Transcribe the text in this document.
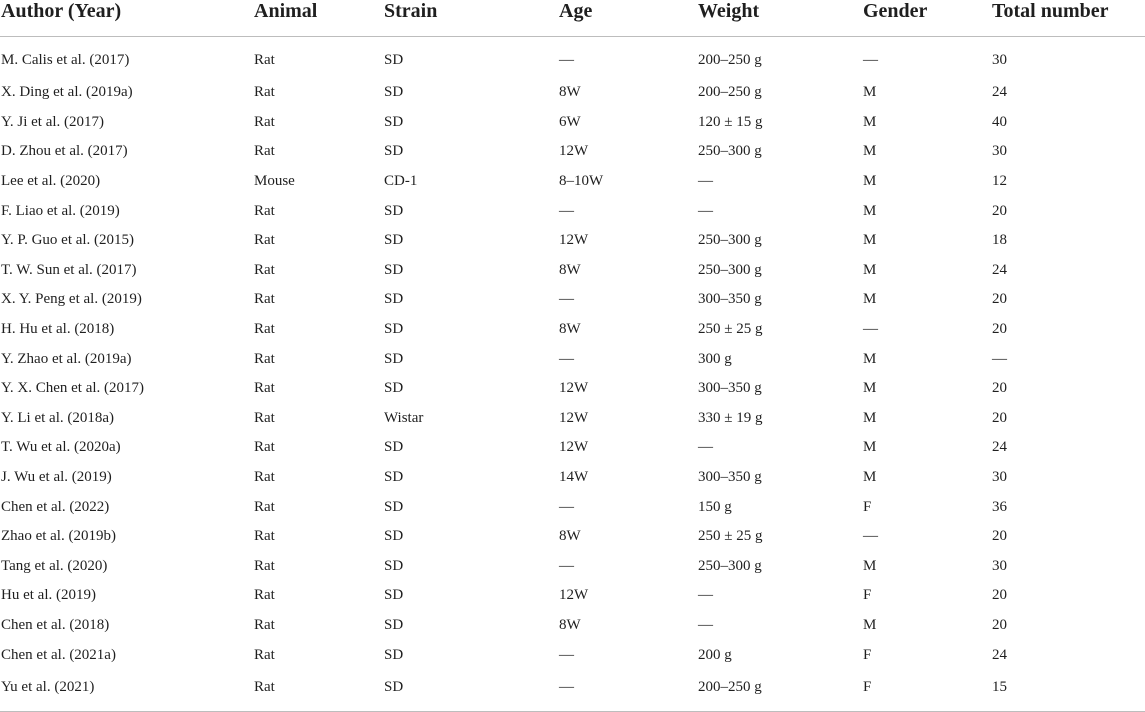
Author (Year)	Animal	Strain	Age	Weight	Gender	Total number
M. Calis et al. (2017)	Rat	SD	—	200–250 g	—	30
X. Ding et al. (2019a)	Rat	SD	8W	200–250 g	M	24
Y. Ji et al. (2017)	Rat	SD	6W	120 ± 15 g	M	40
D. Zhou et al. (2017)	Rat	SD	12W	250–300 g	M	30
Lee et al. (2020)	Mouse	CD-1	8–10W	—	M	12
F. Liao et al. (2019)	Rat	SD	—	—	M	20
Y. P. Guo et al. (2015)	Rat	SD	12W	250–300 g	M	18
T. W. Sun et al. (2017)	Rat	SD	8W	250–300 g	M	24
X. Y. Peng et al. (2019)	Rat	SD	—	300–350 g	M	20
H. Hu et al. (2018)	Rat	SD	8W	250 ± 25 g	—	20
Y. Zhao et al. (2019a)	Rat	SD	—	300 g	M	—
Y. X. Chen et al. (2017)	Rat	SD	12W	300–350 g	M	20
Y. Li et al. (2018a)	Rat	Wistar	12W	330 ± 19 g	M	20
T. Wu et al. (2020a)	Rat	SD	12W	—	M	24
J. Wu et al. (2019)	Rat	SD	14W	300–350 g	M	30
Chen et al. (2022)	Rat	SD	—	150 g	F	36
Zhao et al. (2019b)	Rat	SD	8W	250 ± 25 g	—	20
Tang et al. (2020)	Rat	SD	—	250–300 g	M	30
Hu et al. (2019)	Rat	SD	12W	—	F	20
Chen et al. (2018)	Rat	SD	8W	—	M	20
Chen et al. (2021a)	Rat	SD	—	200 g	F	24
Yu et al. (2021)	Rat	SD	—	200–250 g	F	15
